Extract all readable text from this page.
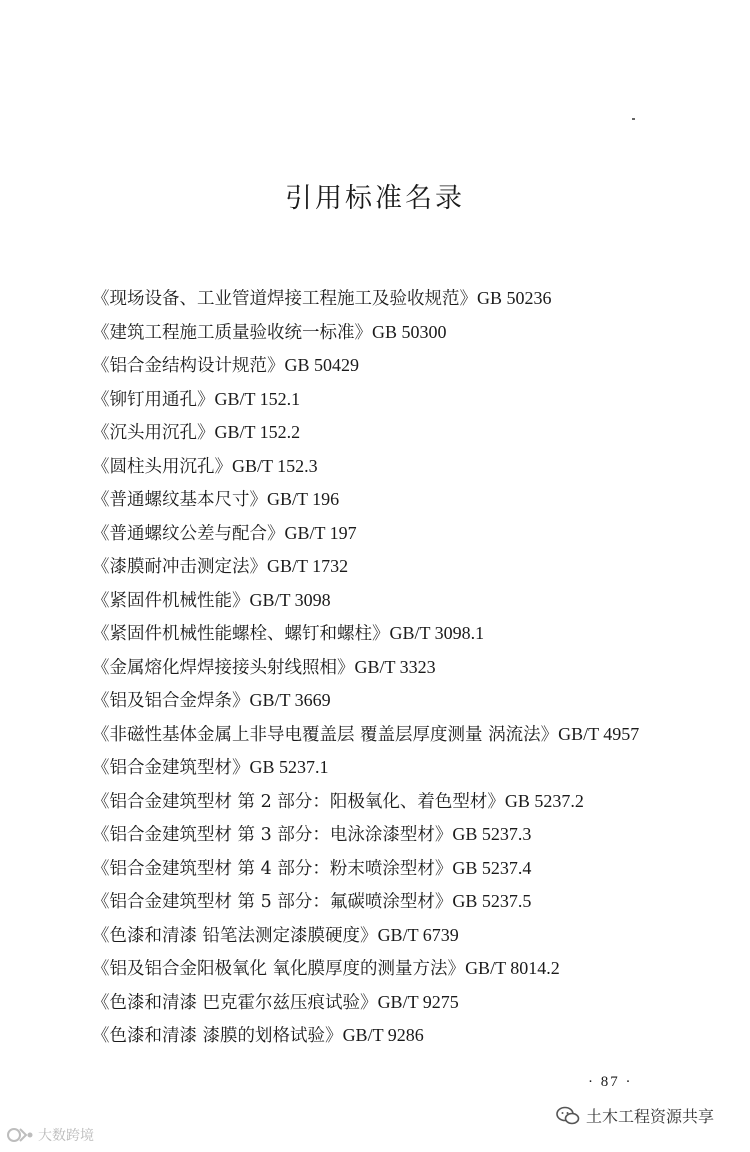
引用标准名录
《现场设备、工业管道焊接工程施工及验收规范》GB 50236
《建筑工程施工质量验收统一标准》GB 50300
《铝合金结构设计规范》GB 50429
《铆钉用通孔》GB/T 152.1
《沉头用沉孔》GB/T 152.2
《圆柱头用沉孔》GB/T 152.3
《普通螺纹基本尺寸》GB/T 196
《普通螺纹公差与配合》GB/T 197
《漆膜耐冲击测定法》GB/T 1732
《紧固件机械性能》GB/T 3098
《紧固件机械性能螺栓、螺钉和螺柱》GB/T 3098.1
《金属熔化焊焊接接头射线照相》GB/T 3323
《铝及铝合金焊条》GB/T 3669
《非磁性基体金属上非导电覆盖层 覆盖层厚度测量 涡流法》GB/T 4957
《铝合金建筑型材》GB 5237.1
《铝合金建筑型材 第 2 部分：阳极氧化、着色型材》GB 5237.2
《铝合金建筑型材 第 3 部分：电泳涂漆型材》GB 5237.3
《铝合金建筑型材 第 4 部分：粉末喷涂型材》GB 5237.4
《铝合金建筑型材 第 5 部分：氟碳喷涂型材》GB 5237.5
《色漆和清漆 铅笔法测定漆膜硬度》GB/T 6739
《铝及铝合金阳极氧化 氧化膜厚度的测量方法》GB/T 8014.2
《色漆和清漆 巴克霍尔兹压痕试验》GB/T 9275
《色漆和清漆 漆膜的划格试验》GB/T 9286
· 87 ·
大数跨境
土木工程资源共享
